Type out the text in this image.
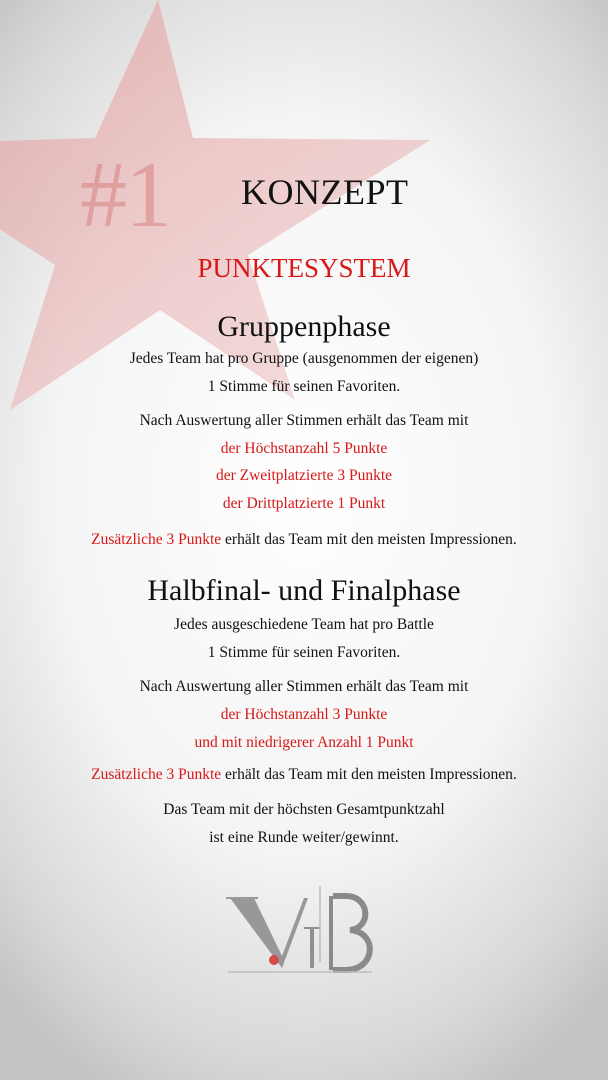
#1 KONZEPT
PUNKTESYSTEM
Gruppenphase
Jedes Team hat pro Gruppe (ausgenommen der eigenen)
1 Stimme für seinen Favoriten.
Nach Auswertung aller Stimmen erhält das Team mit
der Höchstanzahl 5 Punkte
der Zweitplatzierte 3 Punkte
der Drittplatzierte 1 Punkt
Zusätzliche 3 Punkte erhält das Team mit den meisten Impressionen.
Halbfinal- und Finalphase
Jedes ausgeschiedene Team hat pro Battle
1 Stimme für seinen Favoriten.
Nach Auswertung aller Stimmen erhält das Team mit
der Höchstanzahl 3 Punkte
und mit niedrigerer Anzahl 1 Punkt
Zusätzliche 3 Punkte erhält das Team mit den meisten Impressionen.
Das Team mit der höchsten Gesamtpunktzahl
ist eine Runde weiter/gewinnt.
